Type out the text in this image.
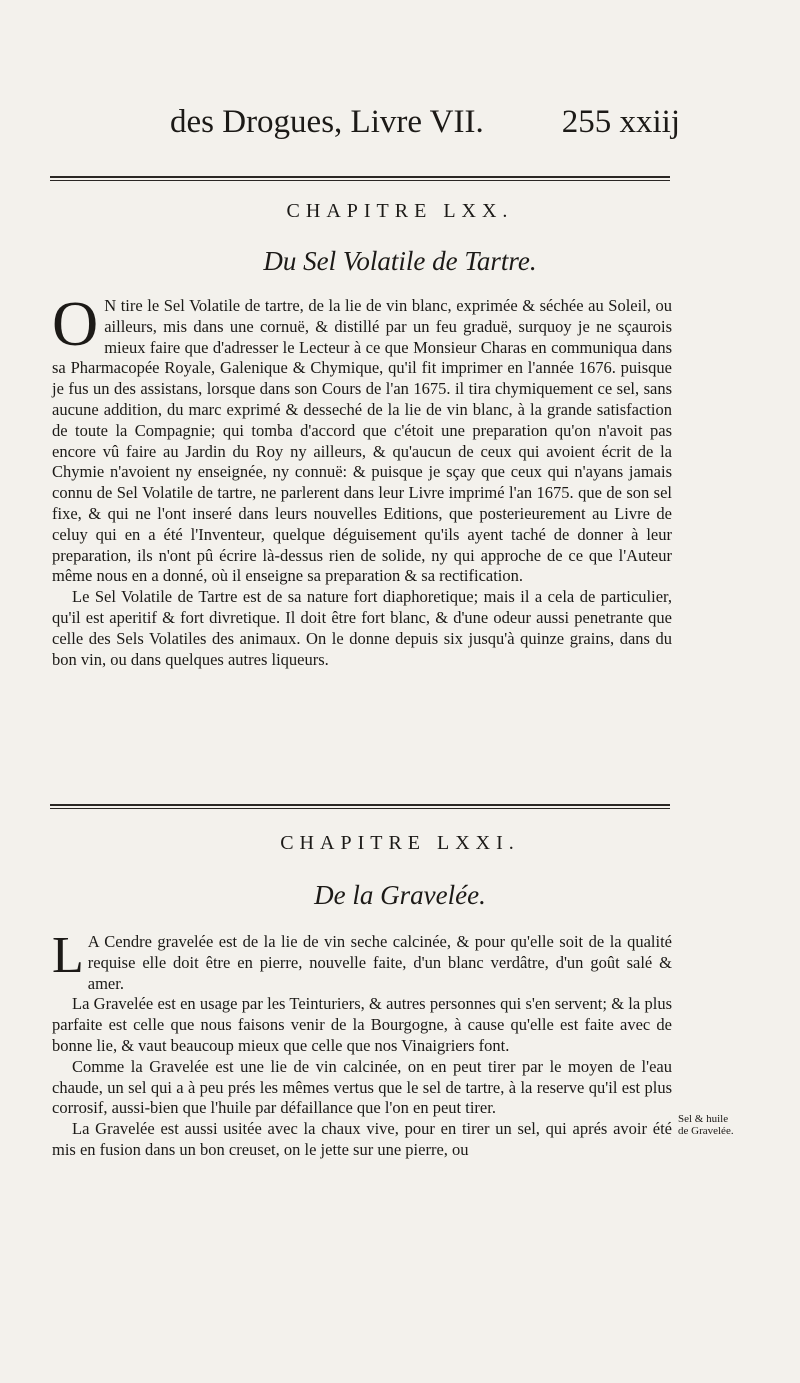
des Drogues, Livre VII. 255 xxiij
CHAPITRE LXX.
Du Sel Volatile de Tartre.

O N tire le Sel Volatile de tartre, de la lie de vin blanc, exprimée & séchée au Soleil, ou ailleurs, mis dans une cornuë, & distillé par un feu graduë, surquoy je ne sçaurois mieux faire que d'adresser le Lecteur à ce que Monsieur Charas en communiqua dans sa Pharmacopée Royale, Galenique & Chymique, qu'il fit imprimer en l'année 1676. puisque je fus un des assistans, lorsque dans son Cours de l'an 1675. il tira chymiquement ce sel, sans aucune addition, du marc exprimé & desseché de la lie de vin blanc, à la grande satisfaction de toute la Compagnie; qui tomba d'accord que c'étoit une preparation qu'on n'avoit pas encore vû faire au Jardin du Roy ny ailleurs, & qu'aucun de ceux qui avoient écrit de la Chymie n'avoient ny enseignée, ny connuë: & puisque je sçay que ceux qui n'ayans jamais connu de Sel Volatile de tartre, ne parlerent dans leur Livre imprimé l'an 1675. que de son sel fixe, & qui ne l'ont inseré dans leurs nouvelles Editions, que posterieurement au Livre de celuy qui en a été l'Inventeur, quelque déguisement qu'ils ayent taché de donner à leur preparation, ils n'ont pû écrire là-dessus rien de solide, ny qui approche de ce que l'Auteur même nous en a donné, où il enseigne sa preparation & sa rectification.

Le Sel Volatile de Tartre est de sa nature fort diaphoretique; mais il a cela de particulier, qu'il est aperitif & fort divretique. Il doit être fort blanc, & d'une odeur aussi penetrante que celle des Sels Volatiles des animaux. On le donne depuis six jusqu'à quinze grains, dans du bon vin, ou dans quelques autres liqueurs.

CHAPITRE LXXI.
De la Gravelée.

L A Cendre gravelée est de la lie de vin seche calcinée, & pour qu'elle soit de la qualité requise elle doit être en pierre, nouvelle faite, d'un blanc verdâtre, d'un goût salé & amer.

La Gravelée est en usage par les Teinturiers, & autres personnes qui s'en servent; & la plus parfaite est celle que nous faisons venir de la Bourgogne, à cause qu'elle est faite avec de bonne lie, & vaut beaucoup mieux que celle que nos Vinaigriers font.

Comme la Gravelée est une lie de vin calcinée, on en peut tirer par le moyen de l'eau chaude, un sel qui a à peu prés les mêmes vertus que le sel de tartre, à la reserve qu'il est plus corrosif, aussi-bien que l'huile par défaillance que l'on en peut tirer.

La Gravelée est aussi usitée avec la chaux vive, pour en tirer un sel, qui aprés avoir été mis en fusion dans un bon creuset, on le jette sur une pierre, ou

Sel & huile de Gravelée.
